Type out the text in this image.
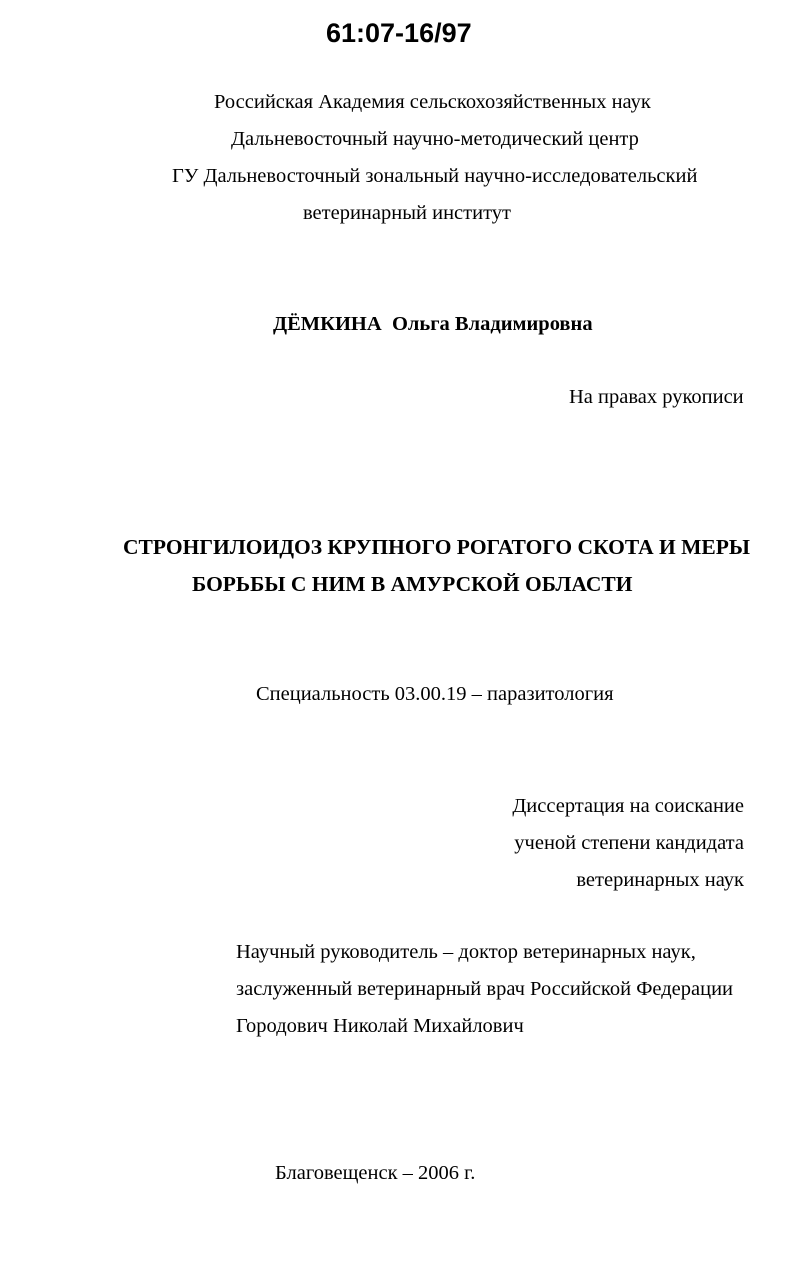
61:07-16/97
Российская Академия сельскохозяйственных наук
Дальневосточный научно-методический центр
ГУ Дальневосточный зональный научно-исследовательский
ветеринарный институт
ДЁМКИНА Ольга Владимировна
На правах рукописи
СТРОНГИЛОИДОЗ КРУПНОГО РОГАТОГО СКОТА И МЕРЫ
БОРЬБЫ С НИМ В АМУРСКОЙ ОБЛАСТИ
Специальность 03.00.19 – паразитология
Диссертация на соискание
ученой степени кандидата
ветеринарных наук
Научный руководитель – доктор ветеринарных наук,
заслуженный ветеринарный врач Российской Федерации
Городович Николай Михайлович
Благовещенск – 2006 г.
